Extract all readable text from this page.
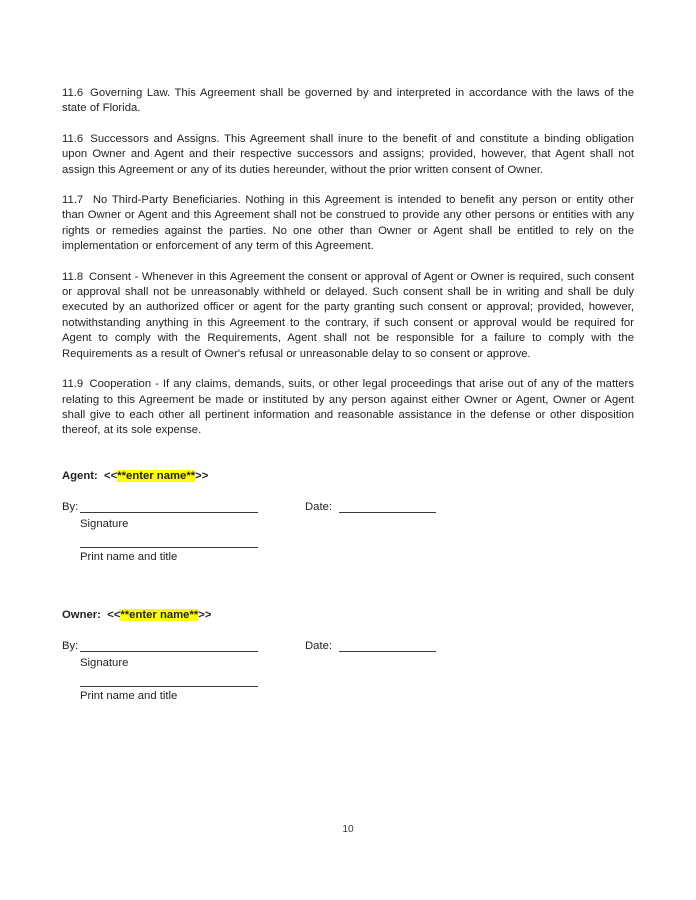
11.6	Governing Law. This Agreement shall be governed by and interpreted in accordance with the laws of the state of Florida.

11.6	Successors and Assigns. This Agreement shall inure to the benefit of and constitute a binding obligation upon Owner and Agent and their respective successors and assigns; provided, however, that Agent shall not assign this Agreement or any of its duties hereunder, without the prior written consent of Owner.

11.7 No Third-Party Beneficiaries. Nothing in this Agreement is intended to benefit any person or entity other than Owner or Agent and this Agreement shall not be construed to provide any other persons or entities with any rights or remedies against the parties. No one other than Owner or Agent shall be entitled to rely on the implementation or enforcement of any term of this Agreement.

11.8	Consent - Whenever in this Agreement the consent or approval of Agent or Owner is required, such consent or approval shall not be unreasonably withheld or delayed. Such consent shall be in writing and shall be duly executed by an authorized officer or agent for the party granting such consent or approval; provided, however, notwithstanding anything in this Agreement to the contrary, if such consent or approval would be required for Agent to comply with the Requirements, Agent shall not be responsible for a failure to comply with the Requirements as a result of Owner's refusal or unreasonable delay to so consent or approve.

11.9	Cooperation - If any claims, demands, suits, or other legal proceedings that arise out of any of the matters relating to this Agreement be made or instituted by any person against either Owner or Agent, Owner or Agent shall give to each other all pertinent information and reasonable assistance in the defense or other disposition thereof, at its sole expense.

Agent:  <<**enter name**>>
By:	Date:
Signature
Print name and title
Owner:  <<**enter name**>>
By:	Date:
Signature
Print name and title
10
